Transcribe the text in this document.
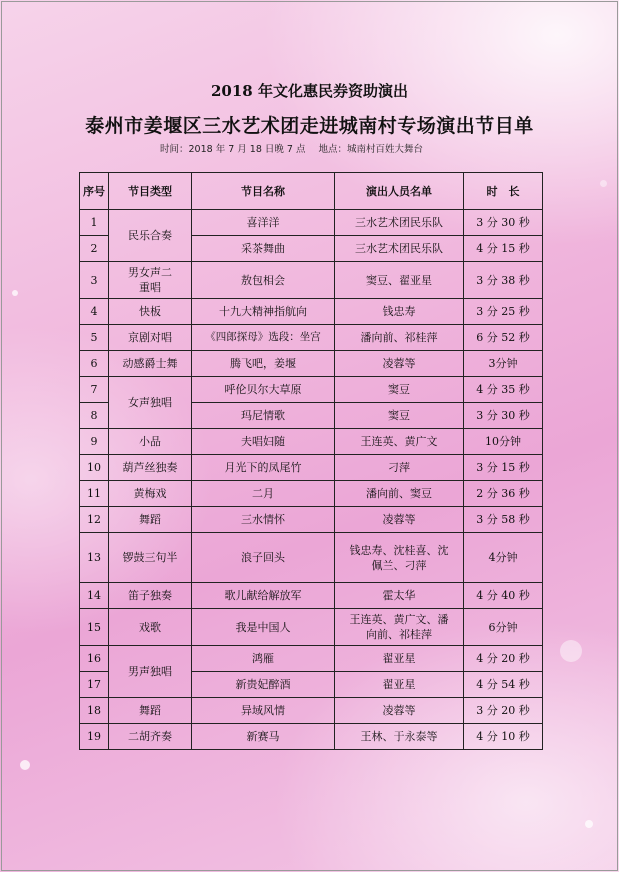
2018 年文化惠民券资助演出
泰州市姜堰区三水艺术团走进城南村专场演出节目单
时间：2018 年 7 月 18 日晚 7 点 地点：城南村百姓大舞台
序号	节目类型	节目名称	演出人员名单	时　长
1	民乐合奏	喜洋洋	三水艺术团民乐队	3 分 30 秒
2		采茶舞曲	三水艺术团民乐队	4 分 15 秒
3	男女声二重唱	敖包相会	窦豆、翟亚星	3 分 38 秒
4	快板	十九大精神指航向	钱忠寿	3 分 25 秒
5	京剧对唱	《四郎探母》选段：坐宫	潘向前、祁桂萍	6 分 52 秒
6	动感爵士舞	腾飞吧，姜堰	凌蓉等	3分钟
7	女声独唱	呼伦贝尔大草原	窦豆	4 分 35 秒
8		玛尼情歌	窦豆	3 分 30 秒
9	小品	夫唱妇随	王连英、黄广文	10分钟
10	葫芦丝独奏	月光下的凤尾竹	刁萍	3 分 15 秒
11	黄梅戏	二月	潘向前、窦豆	2 分 36 秒
12	舞蹈	三水情怀	凌蓉等	3 分 58 秒
13	锣鼓三句半	浪子回头	钱忠寿、沈桂喜、沈佩兰、刁萍	4分钟
14	笛子独奏	歌儿献给解放军	霍太华	4 分 40 秒
15	戏歌	我是中国人	王连英、黄广文、潘向前、祁桂萍	6分钟
16	男声独唱	鸿雁	翟亚星	4 分 20 秒
17		新贵妃醉酒	翟亚星	4 分 54 秒
18	舞蹈	异域风情	凌蓉等	3 分 20 秒
19	二胡齐奏	新赛马	王林、于永泰等	4 分 10 秒
